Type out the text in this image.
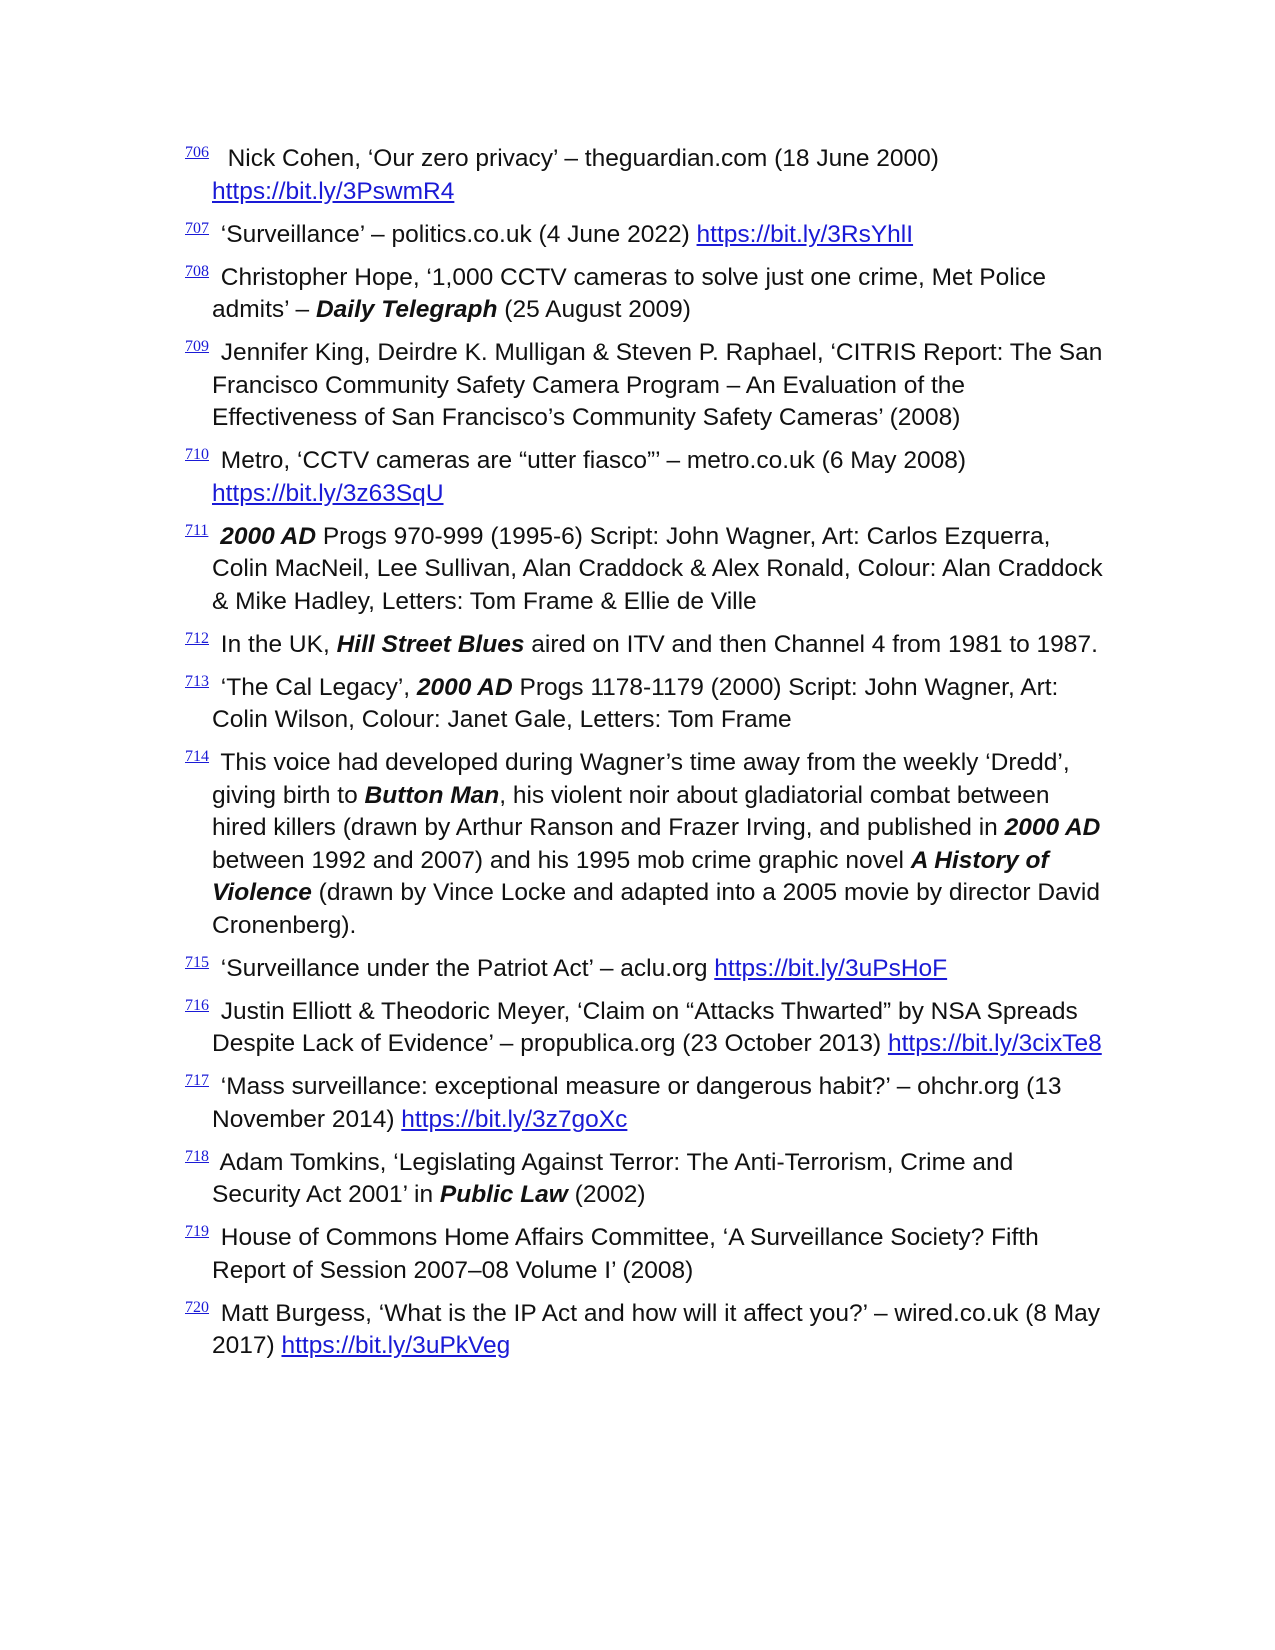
$^{706}$  Nick Cohen, ‘Our zero privacy’ – theguardian.com (18 June 2000) https://bit.ly/3PswmR4
$^{707}$ ‘Surveillance’ – politics.co.uk (4 June 2022) https://bit.ly/3RsYhlI
$^{708}$ Christopher Hope, ‘1,000 CCTV cameras to solve just one crime, Met Police admits’ – Daily Telegraph (25 August 2009)
$^{709}$ Jennifer King, Deirdre K. Mulligan & Steven P. Raphael, ‘CITRIS Report: The San Francisco Community Safety Camera Program – An Evaluation of the Effectiveness of San Francisco’s Community Safety Cameras’ (2008)
$^{710}$ Metro, ‘CCTV cameras are “utter fiasco”’ – metro.co.uk (6 May 2008) https://bit.ly/3z63SqU
$^{711}$ 2000 AD Progs 970-999 (1995-6) Script: John Wagner, Art: Carlos Ezquerra, Colin MacNeil, Lee Sullivan, Alan Craddock & Alex Ronald, Colour: Alan Craddock & Mike Hadley, Letters: Tom Frame & Ellie de Ville
$^{712}$ In the UK, Hill Street Blues aired on ITV and then Channel 4 from 1981 to 1987.
$^{713}$ ‘The Cal Legacy’, 2000 AD Progs 1178-1179 (2000) Script: John Wagner, Art: Colin Wilson, Colour: Janet Gale, Letters: Tom Frame
$^{714}$ This voice had developed during Wagner’s time away from the weekly ‘Dredd’, giving birth to Button Man, his violent noir about gladiatorial combat between hired killers (drawn by Arthur Ranson and Frazer Irving, and published in 2000 AD between 1992 and 2007) and his 1995 mob crime graphic novel A History of Violence (drawn by Vince Locke and adapted into a 2005 movie by director David Cronenberg).
$^{715}$ ‘Surveillance under the Patriot Act’ – aclu.org https://bit.ly/3uPsHoF
$^{716}$ Justin Elliott & Theodoric Meyer, ‘Claim on “Attacks Thwarted” by NSA Spreads Despite Lack of Evidence’ – propublica.org (23 October 2013) https://bit.ly/3cixTe8
$^{717}$ ‘Mass surveillance: exceptional measure or dangerous habit?’ – ohchr.org (13 November 2014) https://bit.ly/3z7goXc
$^{718}$ Adam Tomkins, ‘Legislating Against Terror: The Anti-Terrorism, Crime and Security Act 2001’ in Public Law (2002)
$^{719}$ House of Commons Home Affairs Committee, ‘A Surveillance Society? Fifth Report of Session 2007–08 Volume I’ (2008)
$^{720}$ Matt Burgess, ‘What is the IP Act and how will it affect you?’ – wired.co.uk (8 May 2017) https://bit.ly/3uPkVeg
